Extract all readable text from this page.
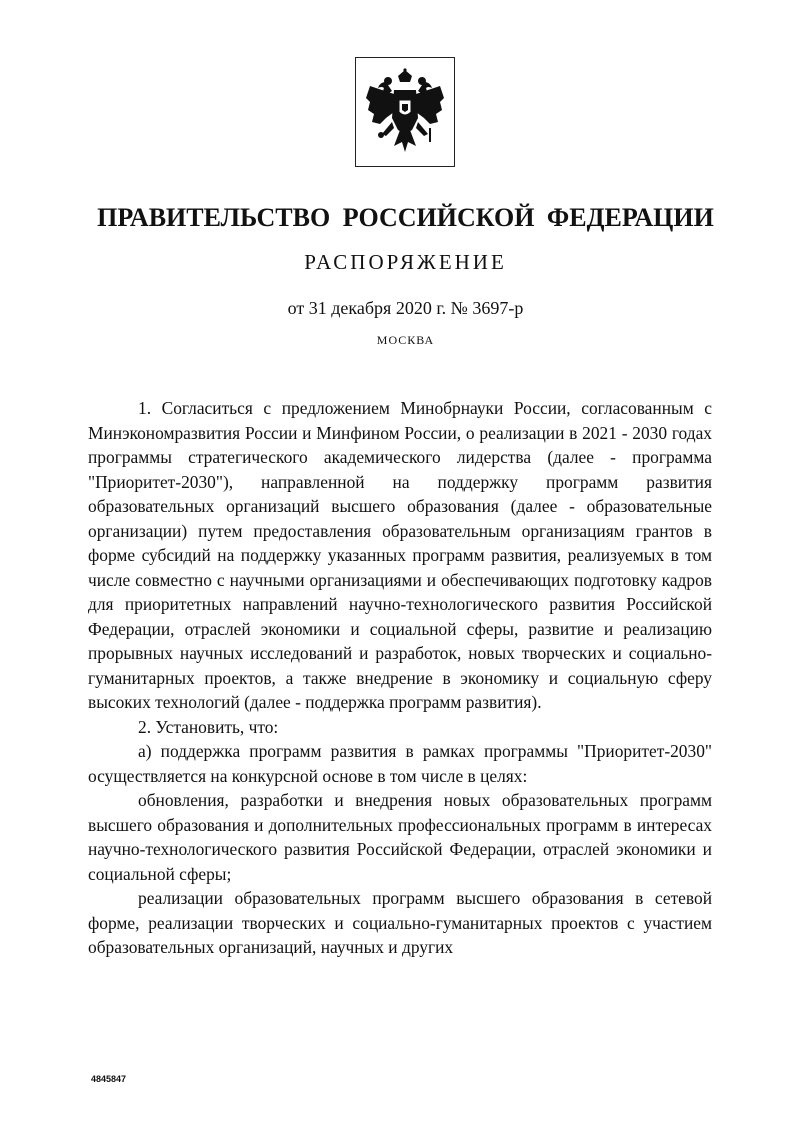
ПРАВИТЕЛЬСТВО РОССИЙСКОЙ ФЕДЕРАЦИИ
РАСПОРЯЖЕНИЕ
от 31 декабря 2020 г. № 3697-р
МОСКВА

1. Согласиться с предложением Минобрнауки России, согласованным с Минэкономразвития России и Минфином России, о реализации в 2021 - 2030 годах программы стратегического академического лидерства (далее - программа "Приоритет-2030"), направленной на поддержку программ развития образовательных организаций высшего образования (далее - образовательные организации) путем предоставления образовательным организациям грантов в форме субсидий на поддержку указанных программ развития, реализуемых в том числе совместно с научными организациями и обеспечивающих подготовку кадров для приоритетных направлений научно-технологического развития Российской Федерации, отраслей экономики и социальной сферы, развитие и реализацию прорывных научных исследований и разработок, новых творческих и социально-гуманитарных проектов, а также внедрение в экономику и социальную сферу высоких технологий (далее - поддержка программ развития).

2. Установить, что:

а) поддержка программ развития в рамках программы "Приоритет-2030" осуществляется на конкурсной основе в том числе в целях:

обновления, разработки и внедрения новых образовательных программ высшего образования и дополнительных профессиональных программ в интересах научно-технологического развития Российской Федерации, отраслей экономики и социальной сферы;

реализации образовательных программ высшего образования в сетевой форме, реализации творческих и социально-гуманитарных проектов с участием образовательных организаций, научных и других

4845847
